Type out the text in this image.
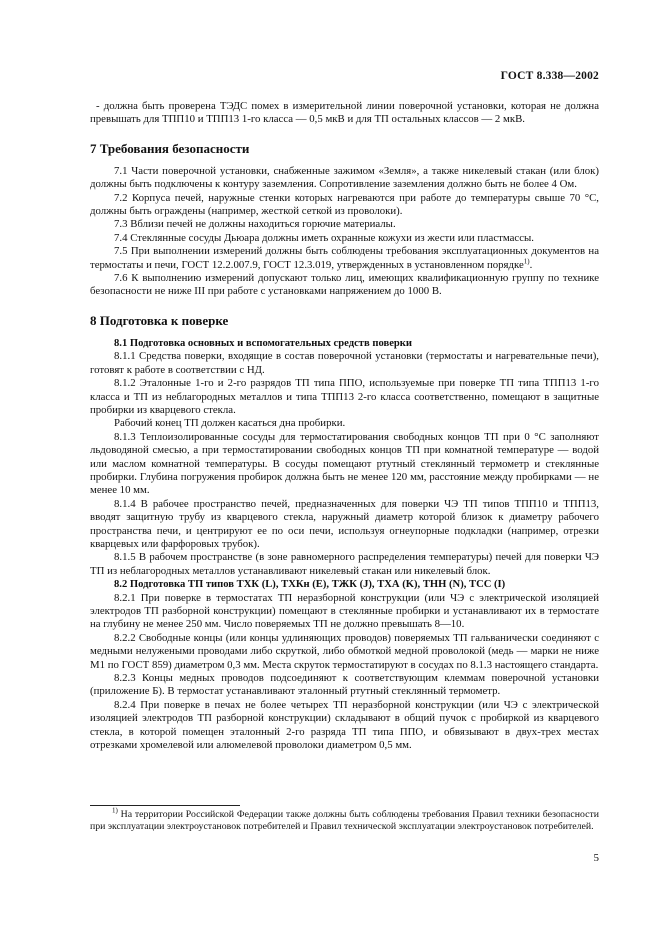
ГОСТ 8.338—2002

- должна быть проверена ТЭДС помех в измерительной линии поверочной установки, которая не должна превышать для ТПП10 и ТПП13 1-го класса — 0,5 мкВ и для ТП остальных классов — 2 мкВ.

7 Требования безопасности

7.1 Части поверочной установки, снабженные зажимом «Земля», а также никелевый стакан (или блок) должны быть подключены к контуру заземления. Сопротивление заземления должно быть не более 4 Ом.

7.2 Корпуса печей, наружные стенки которых нагреваются при работе до температуры свыше 70 °С, должны быть ограждены (например, жесткой сеткой из проволоки).

7.3 Вблизи печей не должны находиться горючие материалы.

7.4 Стеклянные сосуды Дьюара должны иметь охранные кожухи из жести или пластмассы.

7.5 При выполнении измерений должны быть соблюдены требования эксплуатационных документов на термостаты и печи, ГОСТ 12.2.007.9, ГОСТ 12.3.019, утвержденных в установленном порядке$^{1)}$.

7.6 К выполнению измерений допускают только лиц, имеющих квалификационную группу по технике безопасности не ниже III при работе с установками напряжением до 1000 В.

8 Подготовка к поверке
8.1 Подготовка основных и вспомогательных средств поверки

8.1.1 Средства поверки, входящие в состав поверочной установки (термостаты и нагревательные печи), готовят к работе в соответствии с НД.

8.1.2 Эталонные 1-го и 2-го разрядов ТП типа ППО, используемые при поверке ТП типа ТПП13 1-го класса и ТП из неблагородных металлов и типа ТПП13 2-го класса соответственно, помещают в защитные пробирки из кварцевого стекла.

Рабочий конец ТП должен касаться дна пробирки.

8.1.3 Теплоизолированные сосуды для термостатирования свободных концов ТП при 0 °С заполняют льдоводяной смесью, а при термостатировании свободных концов ТП при комнатной температуре — водой или маслом комнатной температуры. В сосуды помещают ртутный стеклянный термометр и стеклянные пробирки. Глубина погружения пробирок должна быть не менее 120 мм, расстояние между пробирками — не менее 10 мм.

8.1.4 В рабочее пространство печей, предназначенных для поверки ЧЭ ТП типов ТПП10 и ТПП13, вводят защитную трубу из кварцевого стекла, наружный диаметр которой близок к диаметру рабочего пространства печи, и центрируют ее по оси печи, используя огнеупорные подкладки (например, отрезки кварцевых или фарфоровых трубок).

8.1.5 В рабочем пространстве (в зоне равномерного распределения температуры) печей для поверки ЧЭ ТП из неблагородных металлов устанавливают никелевый стакан или никелевый блок.

8.2 Подготовка ТП типов ТХК (L), ТХКн (E), ТЖК (J), ТХА (K), ТНН (N), ТСС (I)

8.2.1 При поверке в термостатах ТП неразборной конструкции (или ЧЭ с электрической изоляцией электродов ТП разборной конструкции) помещают в стеклянные пробирки и устанавливают их в термостате на глубину не менее 250 мм. Число поверяемых ТП не должно превышать 8—10.

8.2.2 Свободные концы (или концы удлиняющих проводов) поверяемых ТП гальванически соединяют с медными нелужеными проводами либо скруткой, либо обмоткой медной проволокой (медь — марки не ниже М1 по ГОСТ 859) диаметром 0,3 мм. Места скруток термостатируют в сосудах по 8.1.3 настоящего стандарта.

8.2.3 Концы медных проводов подсоединяют к соответствующим клеммам поверочной установки (приложение Б). В термостат устанавливают эталонный ртутный стеклянный термометр.

8.2.4 При поверке в печах не более четырех ТП неразборной конструкции (или ЧЭ с электрической изоляцией электродов ТП разборной конструкции) складывают в общий пучок с пробиркой из кварцевого стекла, в которой помещен эталонный 2-го разряда ТП типа ППО, и обвязывают в двух-трех местах отрезками хромелевой или алюмелевой проволоки диаметром 0,5 мм.

$^{1)}$ На территории Российской Федерации также должны быть соблюдены требования Правил техники безопасности при эксплуатации электроустановок потребителей и Правил технической эксплуатации электроустановок потребителей.

5
